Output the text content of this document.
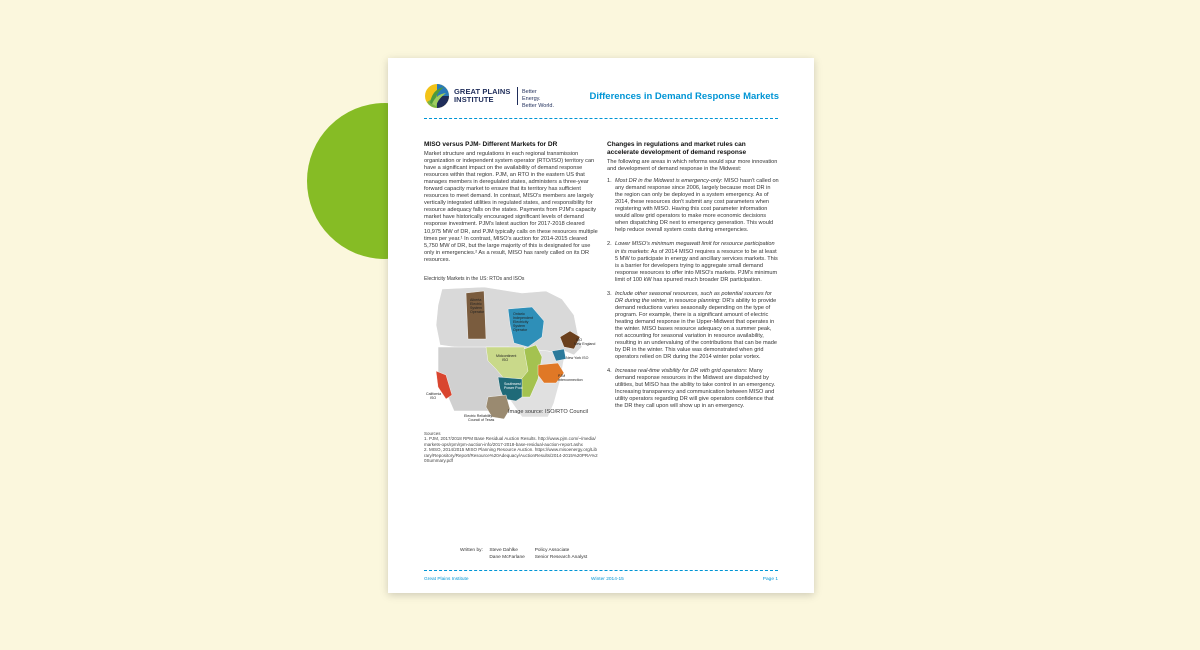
GREAT PLAINS
INSTITUTE
Better Energy.
Better World.
Differences in Demand Response Markets
MISO versus PJM- Different Markets for DR

Market structure and regulations in each regional transmission organization or independent system operator (RTO/ISO) territory can have a significant impact on the availability of demand response resources within that region. PJM, an RTO in the eastern US that manages members in deregulated states, administers a three-year forward capacity market to ensure that its territory has sufficient resources to meet demand. In contrast, MISO's members are largely vertically integrated utilities in regulated states, and responsibility for resource adequacy falls on the states. Payments from PJM's capacity market have historically encouraged significant levels of demand response investment. PJM's latest auction for 2017-2018 cleared 10,975 MW of DR, and PJM typically calls on these resources multiple times per year.¹ In contrast, MISO's auction for 2014-2015 cleared 5,750 MW of DR, but the large majority of this is designated for use only in emergencies.² As a result, MISO has rarely called on its DR resources.

Electricity Markets in the US: RTOs and ISOs
Alberta Electric System Operator	Ontario Independent Electricity System Operator
Midcontinent ISO
Southwest Power Pool
PJM Interconnection
New York ISO
ISO New England
California ISO
Electric Reliability Council of Texas
Image source: ISO/RTO Council
Sources
1. PJM, 2017/2018 RPM Base Residual Auction Results. http://www.pjm.com/~/media/markets-ops/rpm/rpm-auction-info/2017-2018-base-residual-auction-report.ashx
2. MISO, 2014/2015 MISO Planning Resource Auction. https://www.misoenergy.org/Library/Repository/Report/Resource%20Adequacy/AuctionResults/2014-2015%20PRA%20Summary.pdf
Written by: Steve Dahlke	Policy Associate
Dane McFarlane Senior Research Analyst
Changes in regulations and market rules can accelerate development of demand response

The following are areas in which reforms would spur more innovation and development of demand response in the Midwest:

1. Most DR in the Midwest is emergency-only: MISO hasn't called on any demand response since 2006, largely because most DR in the region can only be deployed in a system emergency. As of 2014, these resources don't submit any cost parameters when registering with MISO. Having this cost parameter information would allow grid operators to make more economic decisions when dispatching DR next to emergency generation. This would help reduce overall system costs during emergencies.
2. Lower MISO's minimum megawatt limit for resource participation in its markets: As of 2014 MISO requires a resource to be at least 5 MW to participate in energy and ancillary services markets. This is a barrier for developers trying to aggregate small demand response resources to offer into MISO's markets. PJM's minimum limit of 100 kW has spurred much broader DR participation.
3. Include other seasonal resources, such as potential sources for DR during the winter, in resource planning: DR's ability to provide demand reductions varies seasonally depending on the type of program. For example, there is a significant amount of electric heating demand response in the Upper-Midwest that operates in the winter. MISO bases resource adequacy on a summer peak, not accounting for seasonal variation in resource availability, resulting in an undervaluing of the contributions that can be made by DR in the winter. This value was demonstrated when grid operators relied on DR during the 2014 winter polar vortex.
4. Increase real-time visibility for DR with grid operators: Many demand response resources in the Midwest are dispatched by utilities, but MISO has the ability to take control in an emergency. Increasing transparency and communication between MISO and utility operators regarding DR will give operators confidence that the DR they call upon will show up in an emergency.
Great Plains Institute	Winter 2014-15	Page 1
